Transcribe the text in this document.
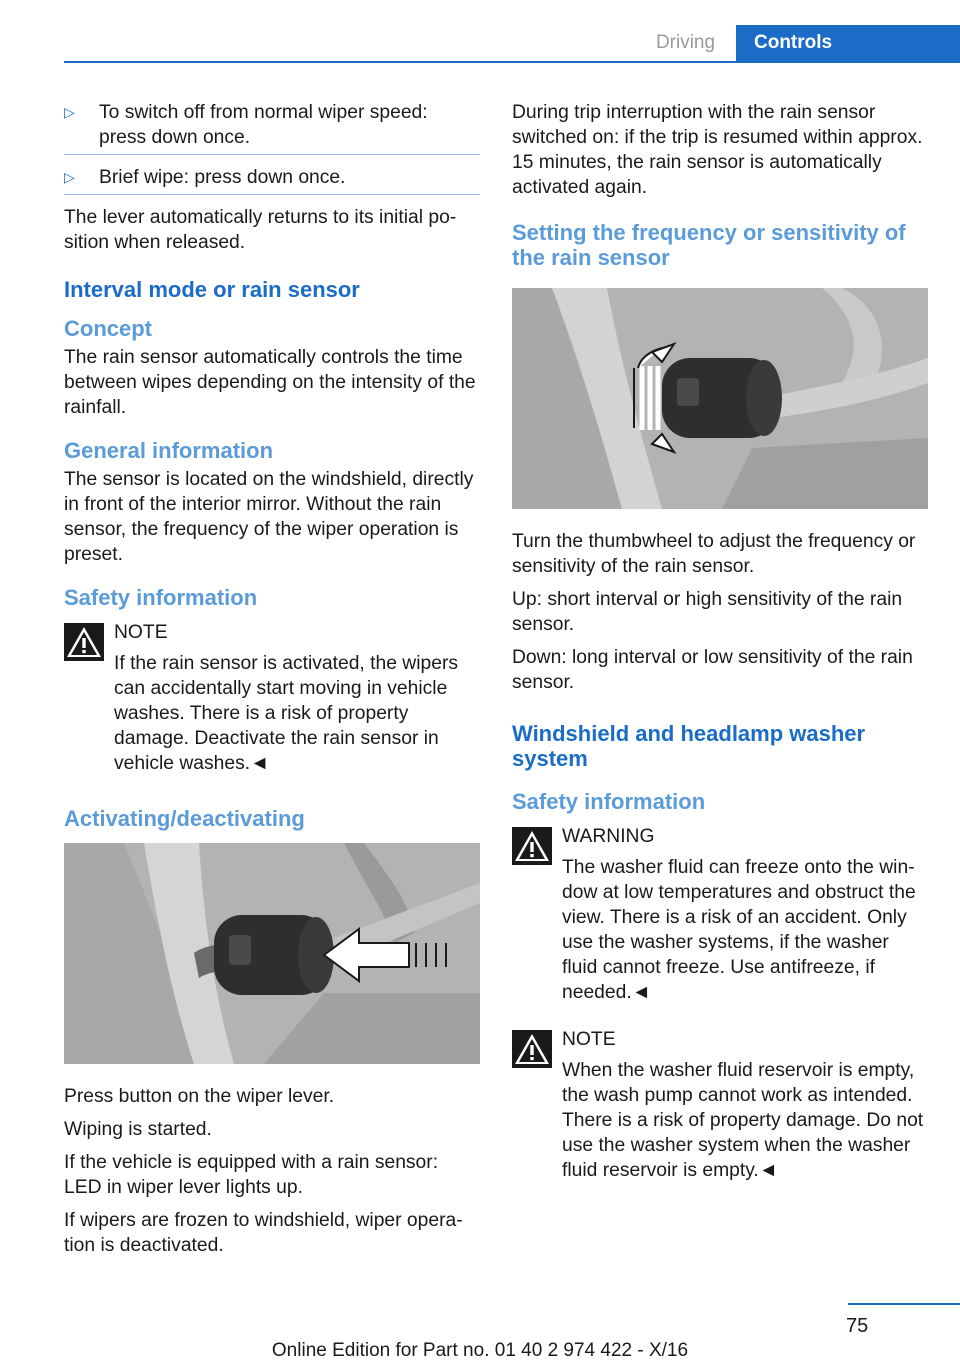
Driving	Controls
▷	To switch off from normal wiper speed: press down once.
▷	Brief wipe: press down once.

The lever automatically returns to its initial position when released.

Interval mode or rain sensor
Concept

The rain sensor automatically controls the time between wipes depending on the intensity of the rainfall.

General information

The sensor is located on the windshield, directly in front of the interior mirror. Without the rain sensor, the frequency of the wiper operation is preset.

Safety information
NOTE
If the rain sensor is activated, the wipers can accidentally start moving in vehicle washes. There is a risk of property damage. Deactivate the rain sensor in vehicle washes.◄
Activating/deactivating

Press button on the wiper lever.

Wiping is started.

If the vehicle is equipped with a rain sensor: LED in wiper lever lights up.

If wipers are frozen to windshield, wiper operation is deactivated.

During trip interruption with the rain sensor switched on: if the trip is resumed within approx. 15 minutes, the rain sensor is automatically activated again.

Setting the frequency or sensitivity of the rain sensor

Turn the thumbwheel to adjust the frequency or sensitivity of the rain sensor.

Up: short interval or high sensitivity of the rain sensor.

Down: long interval or low sensitivity of the rain sensor.

Windshield and headlamp washer system
Safety information
WARNING
The washer fluid can freeze onto the window at low temperatures and obstruct the view. There is a risk of an accident. Only use the washer systems, if the washer fluid cannot freeze. Use antifreeze, if needed.◄
NOTE
When the washer fluid reservoir is empty, the wash pump cannot work as intended. There is a risk of property damage. Do not use the washer system when the washer fluid reservoir is empty.◄
75
Online Edition for Part no. 01 40 2 974 422 - X/16
